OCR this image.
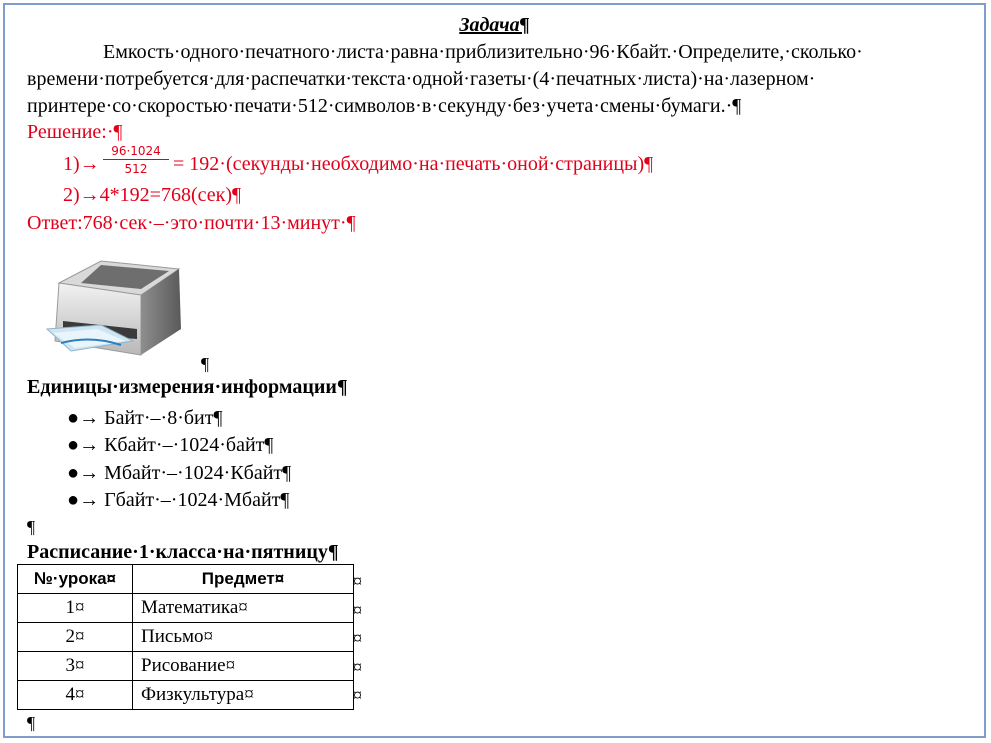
Задача¶
Емкость·одного·печатного·листа·равна·приблизительно·96·Кбайт.·Определите,·сколько·
времени·потребуется·для·распечатки·текста·одной·газеты·(4·печатных·листа)·на·лазерном·
принтере·со·скоростью·печати·512·символов·в·секунду·без·учета·смены·бумаги.·¶
Решение:·¶
$1)\to \frac{96\cdot 1024}{512}$ = 192·(секунды·необходимо·на·печать·оной·страницы)¶
2)→4*192=768(сек)¶
Ответ:768·сек·–·это·почти·13·минут·¶
¶
Единицы·измерения·информации¶
●→ Байт·–·8·бит¶
●→ Кбайт·–·1024·байт¶
●→ Мбайт·–·1024·Кбайт¶
●→ Гбайт·–·1024·Мбайт¶
¶
Расписание·1·класса·на·пятницу¶
№·урока¤	Предмет¤
1¤	Математика¤
2¤	Письмо¤
3¤	Рисование¤
4¤	Физкультура¤
¤
¤
¤
¤
¤
¶
